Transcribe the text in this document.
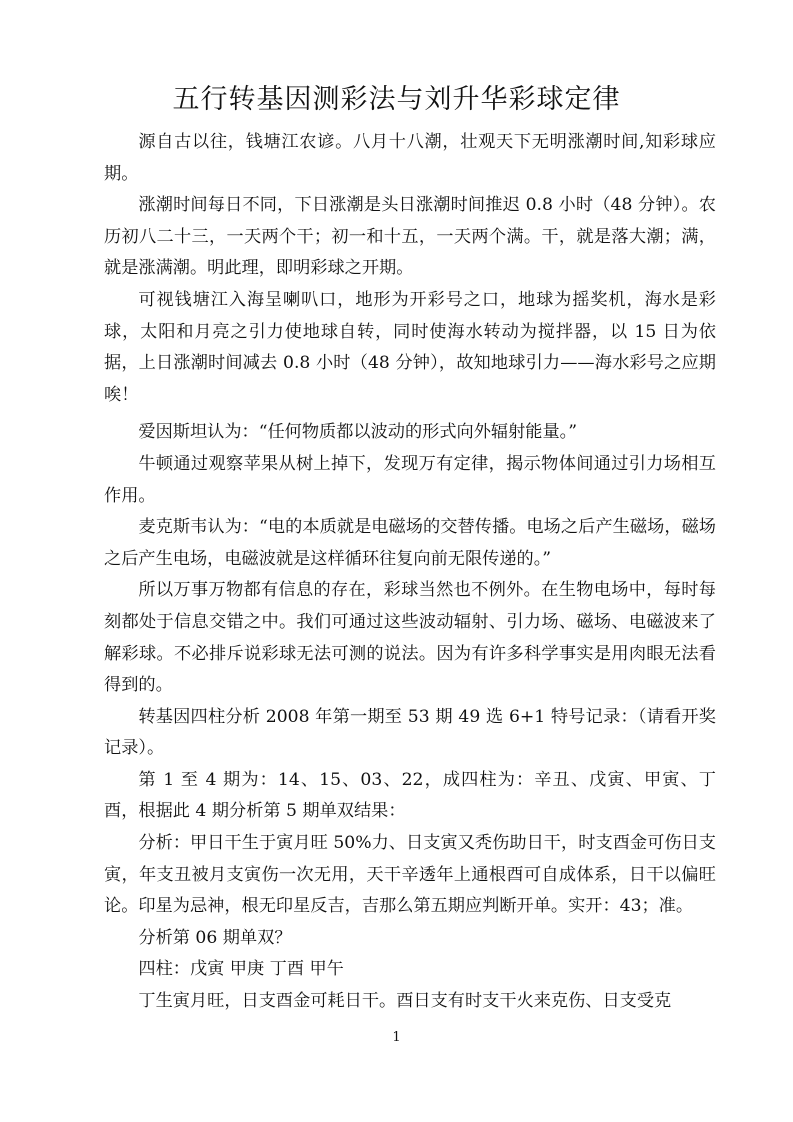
五行转基因测彩法与刘升华彩球定律

源自古以往，钱塘江农谚。八月十八潮，壮观天下无明涨潮时间,知彩球应期。

涨潮时间每日不同，下日涨潮是头日涨潮时间推迟 0.8 小时（48 分钟）。农历初八二十三，一天两个干；初一和十五，一天两个满。干，就是落大潮；满，就是涨满潮。明此理，即明彩球之开期。

可视钱塘江入海呈喇叭口，地形为开彩号之口，地球为摇奖机，海水是彩球，太阳和月亮之引力使地球自转，同时使海水转动为搅拌器，以 15 日为依据，上日涨潮时间减去 0.8 小时（48 分钟），故知地球引力——海水彩号之应期唉！

爱因斯坦认为：“任何物质都以波动的形式向外辐射能量。”

牛顿通过观察苹果从树上掉下，发现万有定律，揭示物体间通过引力场相互作用。

麦克斯韦认为：“电的本质就是电磁场的交替传播。电场之后产生磁场，磁场之后产生电场，电磁波就是这样循环往复向前无限传递的。”

所以万事万物都有信息的存在，彩球当然也不例外。在生物电场中，每时每刻都处于信息交错之中。我们可通过这些波动辐射、引力场、磁场、电磁波来了解彩球。不必排斥说彩球无法可测的说法。因为有许多科学事实是用肉眼无法看得到的。

转基因四柱分析 2008 年第一期至 53 期 49 选 6+1 特号记录：（请看开奖记录）。

第 1 至 4 期为：14、15、03、22，成四柱为：辛丑、戊寅、甲寅、丁酉，根据此 4 期分析第 5 期单双结果：

分析：甲日干生于寅月旺 50%力、日支寅又秃伤助日干，时支酉金可伤日支寅，年支丑被月支寅伤一次无用，天干辛透年上通根酉可自成体系，日干以偏旺论。印星为忌神，根无印星反吉，吉那么第五期应判断开单。实开：43；准。

分析第 06 期单双？

四柱：戊寅 甲庚 丁酉 甲午

丁生寅月旺，日支酉金可耗日干。酉日支有时支干火来克伤、日支受克

1
